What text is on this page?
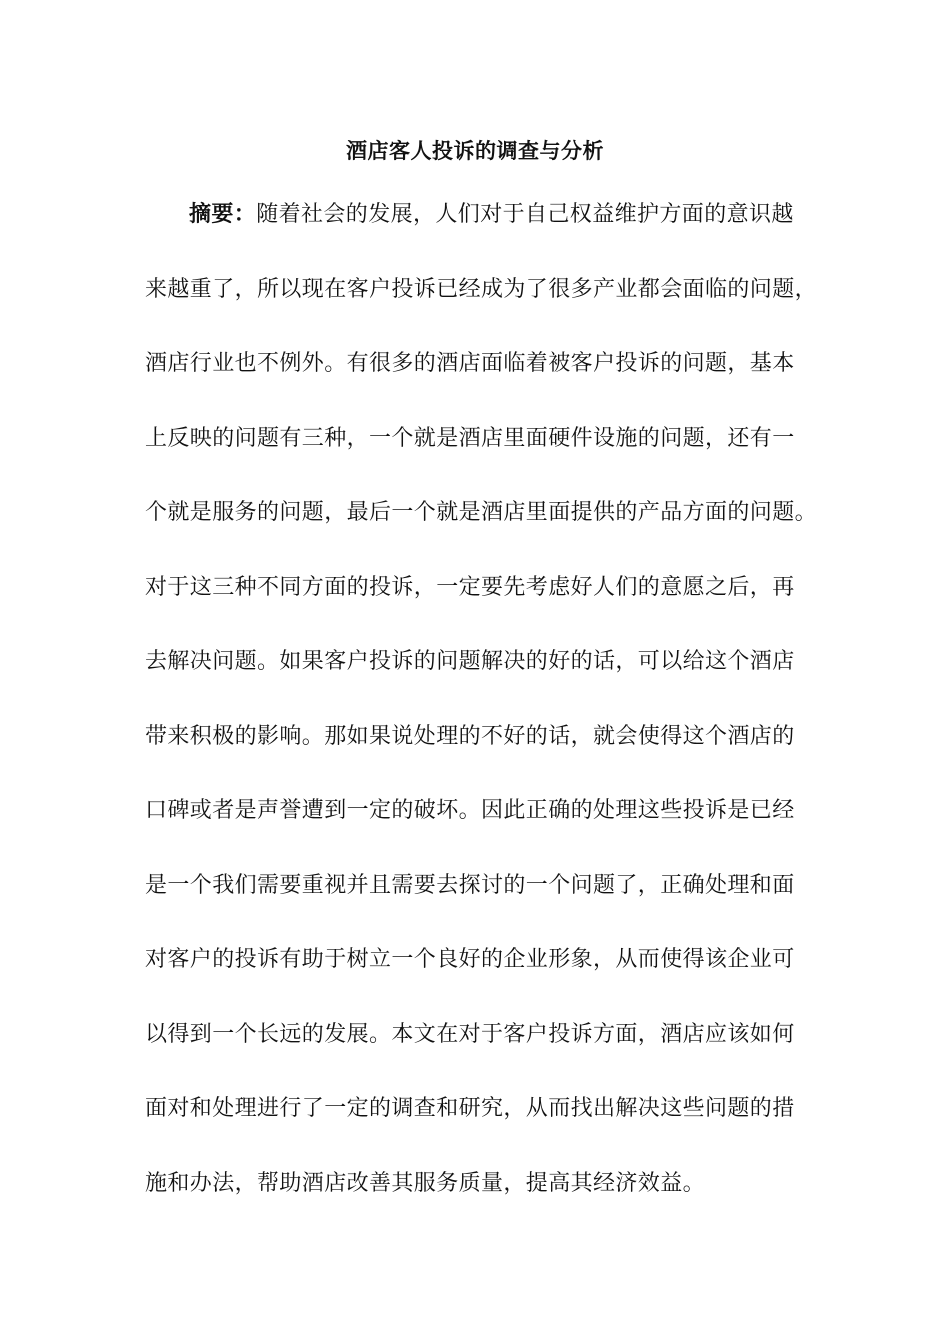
酒店客人投诉的调查与分析
摘要：随着社会的发展，人们对于自己权益维护方面的意识越
来越重了，所以现在客户投诉已经成为了很多产业都会面临的问题，
酒店行业也不例外。有很多的酒店面临着被客户投诉的问题，基本
上反映的问题有三种，一个就是酒店里面硬件设施的问题，还有一
个就是服务的问题，最后一个就是酒店里面提供的产品方面的问题。
对于这三种不同方面的投诉，一定要先考虑好人们的意愿之后，再
去解决问题。如果客户投诉的问题解决的好的话，可以给这个酒店
带来积极的影响。那如果说处理的不好的话，就会使得这个酒店的
口碑或者是声誉遭到一定的破坏。因此正确的处理这些投诉是已经
是一个我们需要重视并且需要去探讨的一个问题了，正确处理和面
对客户的投诉有助于树立一个良好的企业形象，从而使得该企业可
以得到一个长远的发展。本文在对于客户投诉方面，酒店应该如何
面对和处理进行了一定的调查和研究，从而找出解决这些问题的措
施和办法，帮助酒店改善其服务质量，提高其经济效益。
